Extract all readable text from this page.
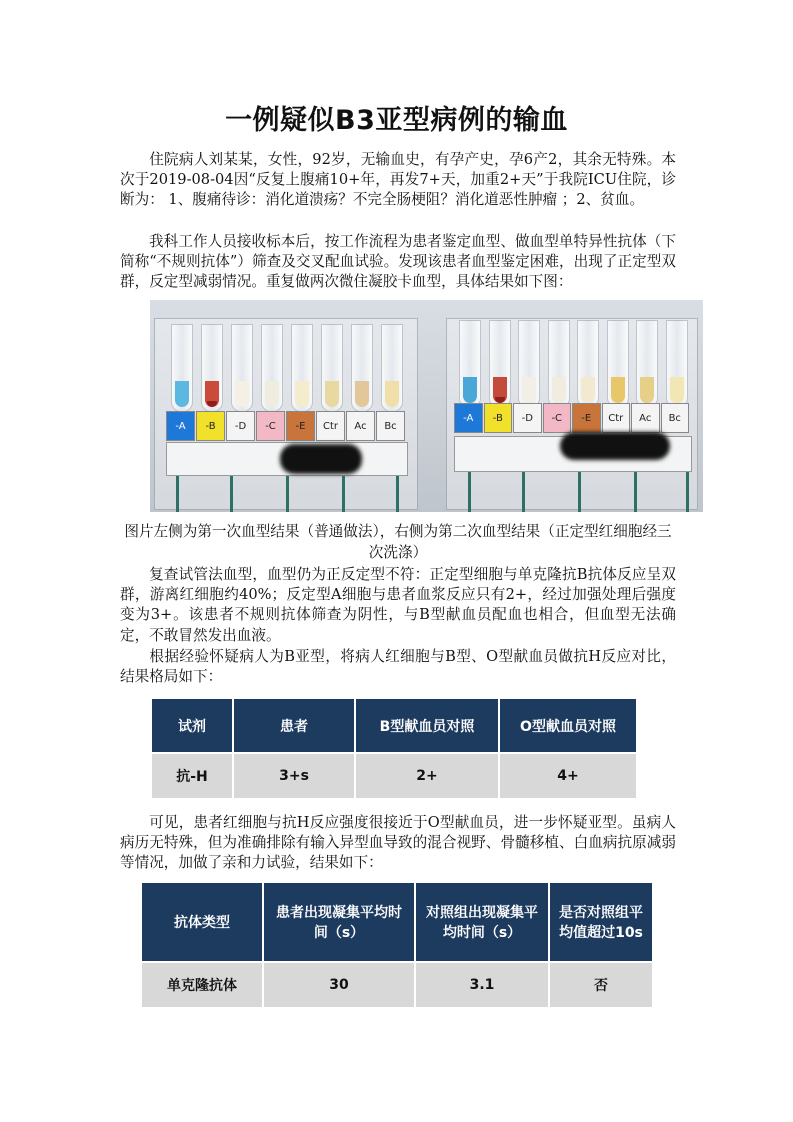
一例疑似B3亚型病例的输血

住院病人刘某某，女性，92岁，无输血史，有孕产史，孕6产2，其余无特殊。本次于2019-08-04因“反复上腹痛10+年，再发7+天，加重2+天”于我院ICU住院，诊断为： 1、腹痛待诊：消化道溃疡？不完全肠梗阻？消化道恶性肿瘤 ；2、贫血。

我科工作人员接收标本后，按工作流程为患者鉴定血型、做血型单特异性抗体（下简称“不规则抗体”）筛查及交叉配血试验。发现该患者血型鉴定困难，出现了正定型双群，反定型减弱情况。重复做两次微住凝胶卡血型，具体结果如下图：

-A	-B	-D	-C	-E	Ctr	Ac	Bc
-A	-B	-D	-C	-E	Ctr	Ac	Bc

图片左侧为第一次血型结果（普通做法），右侧为第二次血型结果（正定型红细胞经三次洗涤）

复查试管法血型，血型仍为正反定型不符：正定型细胞与单克隆抗B抗体反应呈双群，游离红细胞约40%；反定型A细胞与患者血浆反应只有2+，经过加强处理后强度变为3+。该患者不规则抗体筛查为阴性，与B型献血员配血也相合，但血型无法确定，不敢冒然发出血液。

根据经验怀疑病人为B亚型，将病人红细胞与B型、O型献血员做抗H反应对比，结果格局如下：

试剂	患者	B型献血员对照	O型献血员对照
抗-H	3+s	2+	4+

可见，患者红细胞与抗H反应强度很接近于O型献血员，进一步怀疑亚型。虽病人病历无特殊，但为准确排除有输入异型血导致的混合视野、骨髓移植、白血病抗原减弱等情况，加做了亲和力试验，结果如下：

抗体类型	患者出现凝集平均时间（s）	对照组出现凝集平均时间（s）	是否对照组平均值超过10s
单克隆抗体	30	3.1	否
